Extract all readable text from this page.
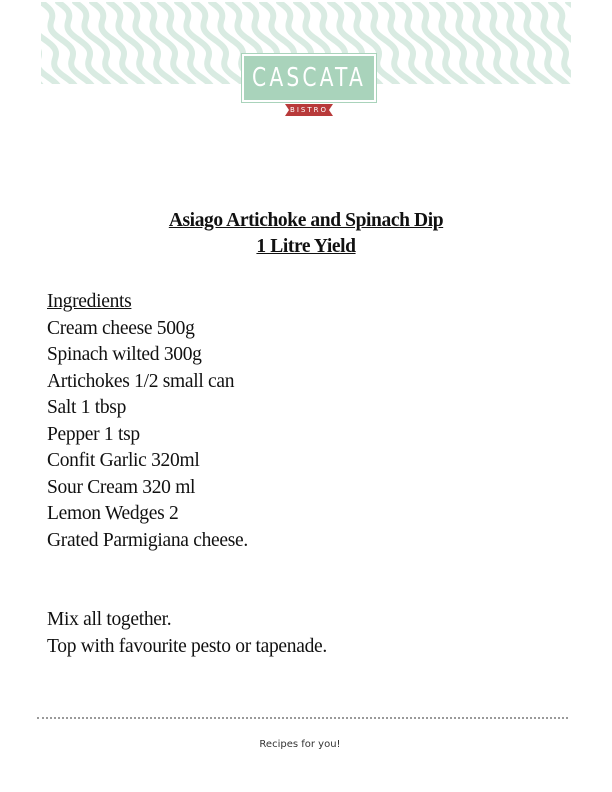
CASCATA
BISTRO
Asiago Artichoke and Spinach Dip
1 Litre Yield
Ingredients
Cream cheese 500g
Spinach wilted 300g
Artichokes 1/2 small can
Salt 1 tbsp
Pepper 1 tsp
Confit Garlic 320ml
Sour Cream 320 ml
Lemon Wedges 2
Grated Parmigiana cheese.
Mix all together.
Top with favourite pesto or tapenade.
Recipes for you!
